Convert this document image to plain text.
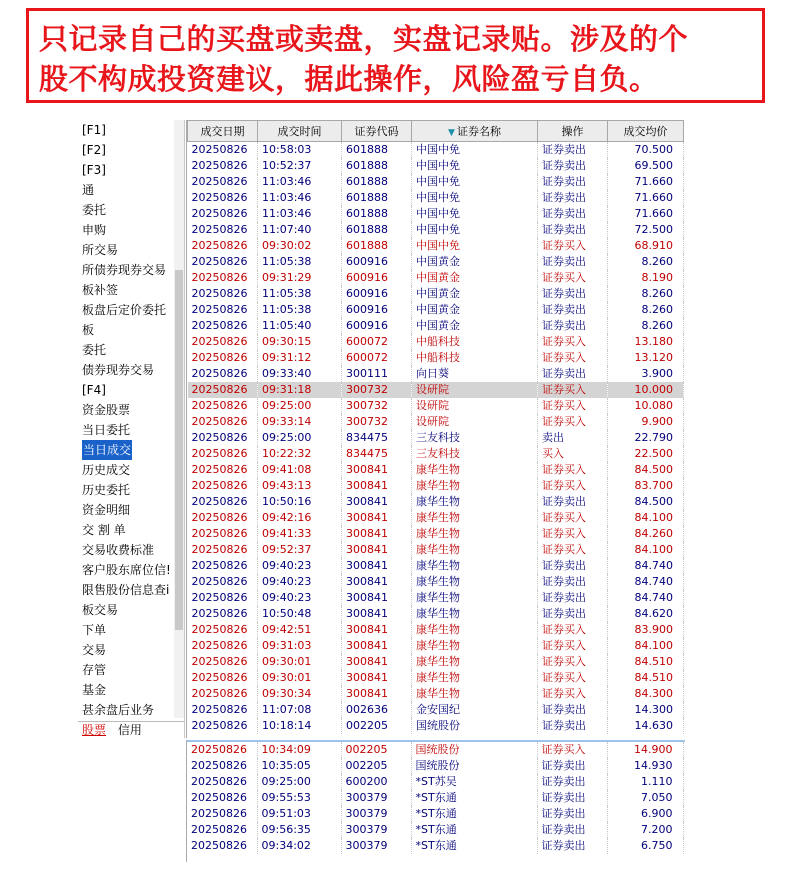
只记录自己的买盘或卖盘，实盘记录贴。涉及的个
股不构成投资建议，据此操作，风险盈亏自负。
[F1]
[F2]
[F3]
通
委托
申购
所交易
所债券现券交易
板补签
板盘后定价委托
板
委托
债券现券交易
[F4]
资金股票
当日委托
当日成交
历史成交
历史委托
资金明细
交 割 单
交易收费标准
客户股东席位信!
限售股份信息查i
板交易
下单
交易
存管
基金
甚余盘后业务
股票 信用
成交日期	成交时间	证券代码	▼ 证券名称	操作	成交均价
20250826	10:58:03	601888	中国中免	证券卖出	70.500
20250826	10:52:37	601888	中国中免	证券卖出	69.500
20250826	11:03:46	601888	中国中免	证券卖出	71.660
20250826	11:03:46	601888	中国中免	证券卖出	71.660
20250826	11:03:46	601888	中国中免	证券卖出	71.660
20250826	11:07:40	601888	中国中免	证券卖出	72.500
20250826	09:30:02	601888	中国中免	证券买入	68.910
20250826	11:05:38	600916	中国黄金	证券卖出	8.260
20250826	09:31:29	600916	中国黄金	证券买入	8.190
20250826	11:05:38	600916	中国黄金	证券卖出	8.260
20250826	11:05:38	600916	中国黄金	证券卖出	8.260
20250826	11:05:40	600916	中国黄金	证券卖出	8.260
20250826	09:30:15	600072	中船科技	证券买入	13.180
20250826	09:31:12	600072	中船科技	证券买入	13.120
20250826	09:33:40	300111	向日葵	证券卖出	3.900
20250826	09:31:18	300732	设研院	证券买入	10.000
20250826	09:25:00	300732	设研院	证券买入	10.080
20250826	09:33:14	300732	设研院	证券买入	9.900
20250826	09:25:00	834475	三友科技	卖出	22.790
20250826	10:22:32	834475	三友科技	买入	22.500
20250826	09:41:08	300841	康华生物	证券买入	84.500
20250826	09:43:13	300841	康华生物	证券买入	83.700
20250826	10:50:16	300841	康华生物	证券卖出	84.500
20250826	09:42:16	300841	康华生物	证券买入	84.100
20250826	09:41:33	300841	康华生物	证券买入	84.260
20250826	09:52:37	300841	康华生物	证券买入	84.100
20250826	09:40:23	300841	康华生物	证券卖出	84.740
20250826	09:40:23	300841	康华生物	证券卖出	84.740
20250826	09:40:23	300841	康华生物	证券卖出	84.740
20250826	10:50:48	300841	康华生物	证券卖出	84.620
20250826	09:42:51	300841	康华生物	证券买入	83.900
20250826	09:31:03	300841	康华生物	证券买入	84.100
20250826	09:30:01	300841	康华生物	证券买入	84.510
20250826	09:30:01	300841	康华生物	证券买入	84.510
20250826	09:30:34	300841	康华生物	证券买入	84.300
20250826	11:07:08	002636	金安国纪	证券卖出	14.300
20250826	10:18:14	002205	国统股份	证券卖出	14.630
20250826	10:34:09	002205	国统股份	证券买入	14.900
20250826	10:35:05	002205	国统股份	证券卖出	14.930
20250826	09:25:00	600200	*ST苏吴	证券卖出	1.110
20250826	09:55:53	300379	*ST东通	证券卖出	7.050
20250826	09:51:03	300379	*ST东通	证券卖出	6.900
20250826	09:56:35	300379	*ST东通	证券卖出	7.200
20250826	09:34:02	300379	*ST东通	证券卖出	6.750
